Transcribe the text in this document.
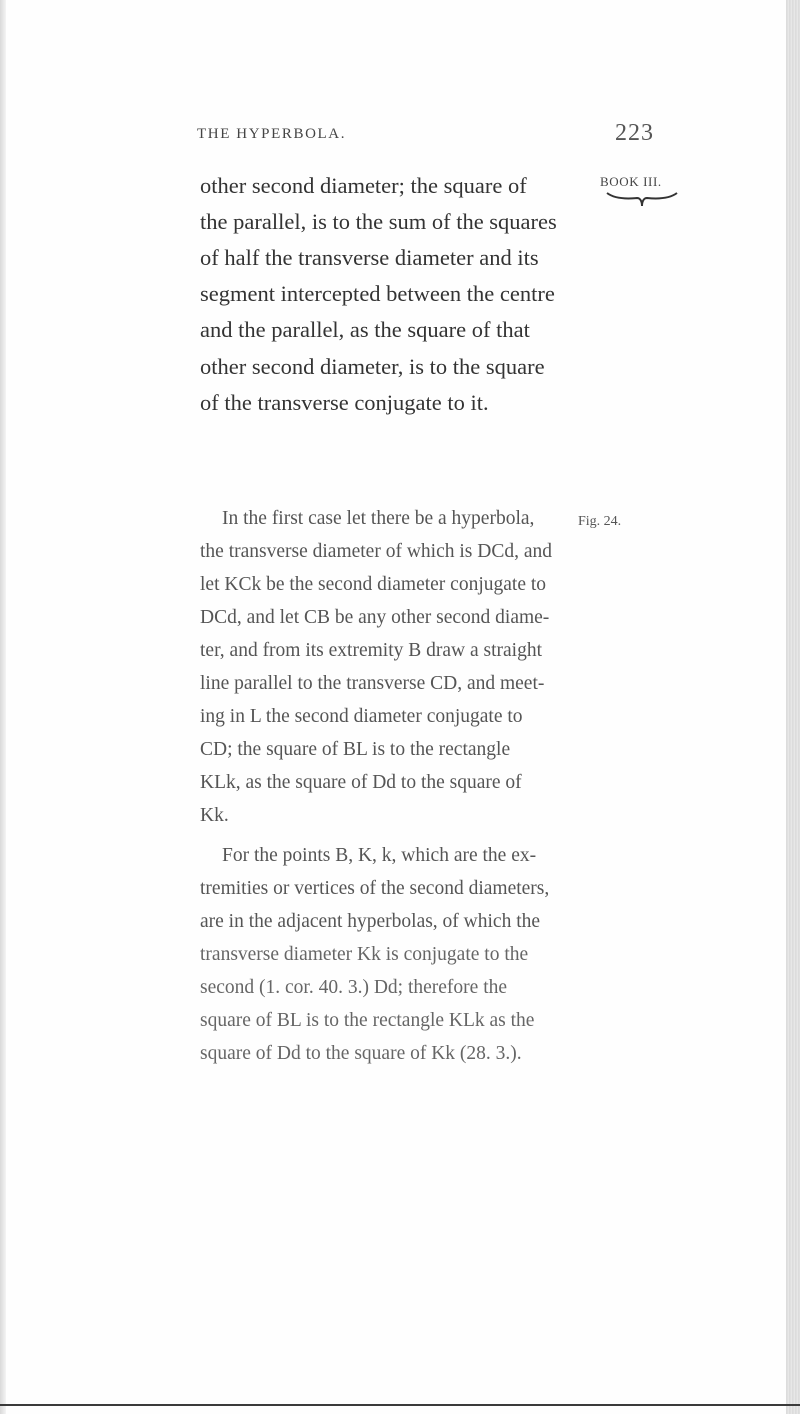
THE HYPERBOLA.	223
BOOK III.
Fig. 24.
other second diameter; the square of
the parallel, is to the sum of the squares
of half the transverse diameter and its
segment intercepted between the centre
and the parallel, as the square of that
other second diameter, is to the square
of the transverse conjugate to it.
In the first case let there be a hyperbola,
the transverse diameter of which is DCd, and
let KCk be the second diameter conjugate to
DCd, and let CB be any other second diame-
ter, and from its extremity B draw a straight
line parallel to the transverse CD, and meet-
ing in L the second diameter conjugate to
CD; the square of BL is to the rectangle
KLk, as the square of Dd to the square of
Kk.
For the points B, K, k, which are the ex-
tremities or vertices of the second diameters,
are in the adjacent hyperbolas, of which the
transverse diameter Kk is conjugate to the
second (1. cor. 40. 3.) Dd; therefore the
square of BL is to the rectangle KLk as the
square of Dd to the square of Kk (28. 3.).
